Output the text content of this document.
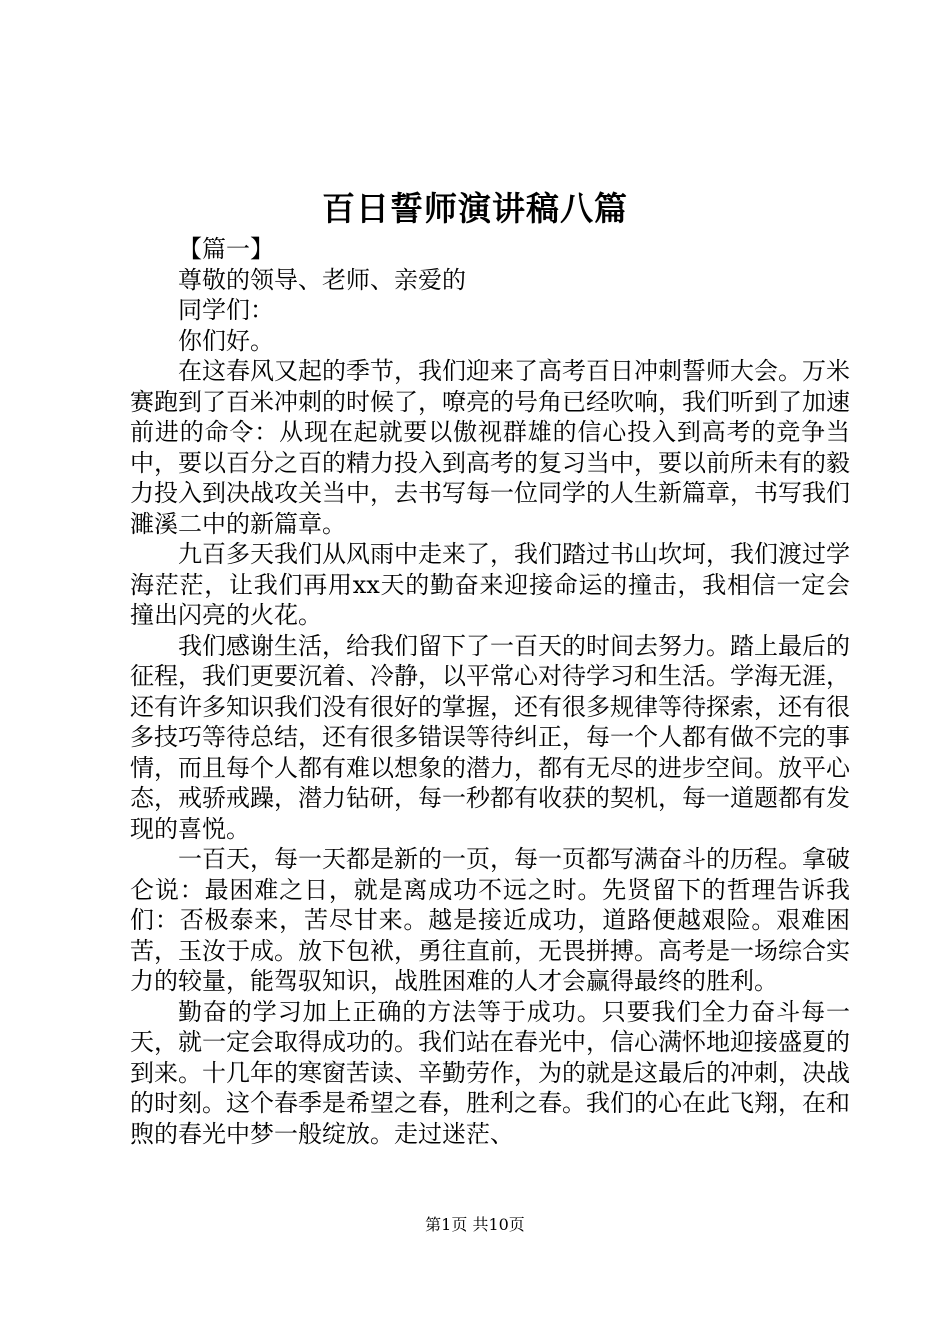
百日誓师演讲稿八篇

【篇一】

尊敬的领导、老师、亲爱的

同学们：

你们好。

在这春风又起的季节，我们迎来了高考百日冲刺誓师大会。万米赛跑到了百米冲刺的时候了，嘹亮的号角已经吹响，我们听到了加速前进的命令：从现在起就要以傲视群雄的信心投入到高考的竞争当中，要以百分之百的精力投入到高考的复习当中，要以前所未有的毅力投入到决战攻关当中，去书写每一位同学的人生新篇章，书写我们濉溪二中的新篇章。

九百多天我们从风雨中走来了，我们踏过书山坎坷，我们渡过学海茫茫，让我们再用xx天的勤奋来迎接命运的撞击，我相信一定会撞出闪亮的火花。

我们感谢生活，给我们留下了一百天的时间去努力。踏上最后的征程，我们更要沉着、冷静，以平常心对待学习和生活。学海无涯，还有许多知识我们没有很好的掌握，还有很多规律等待探索，还有很多技巧等待总结，还有很多错误等待纠正，每一个人都有做不完的事情，而且每个人都有难以想象的潜力，都有无尽的进步空间。放平心态，戒骄戒躁，潜力钻研，每一秒都有收获的契机，每一道题都有发现的喜悦。

一百天，每一天都是新的一页，每一页都写满奋斗的历程。拿破仑说：最困难之日，就是离成功不远之时。先贤留下的哲理告诉我们：否极泰来，苦尽甘来。越是接近成功，道路便越艰险。艰难困苦，玉汝于成。放下包袱，勇往直前，无畏拼搏。高考是一场综合实力的较量，能驾驭知识，战胜困难的人才会赢得最终的胜利。

勤奋的学习加上正确的方法等于成功。只要我们全力奋斗每一天，就一定会取得成功的。我们站在春光中，信心满怀地迎接盛夏的到来。十几年的寒窗苦读、辛勤劳作，为的就是这最后的冲刺，决战的时刻。这个春季是希望之春，胜利之春。我们的心在此飞翔，在和煦的春光中梦一般绽放。走过迷茫、

第1页 共10页
